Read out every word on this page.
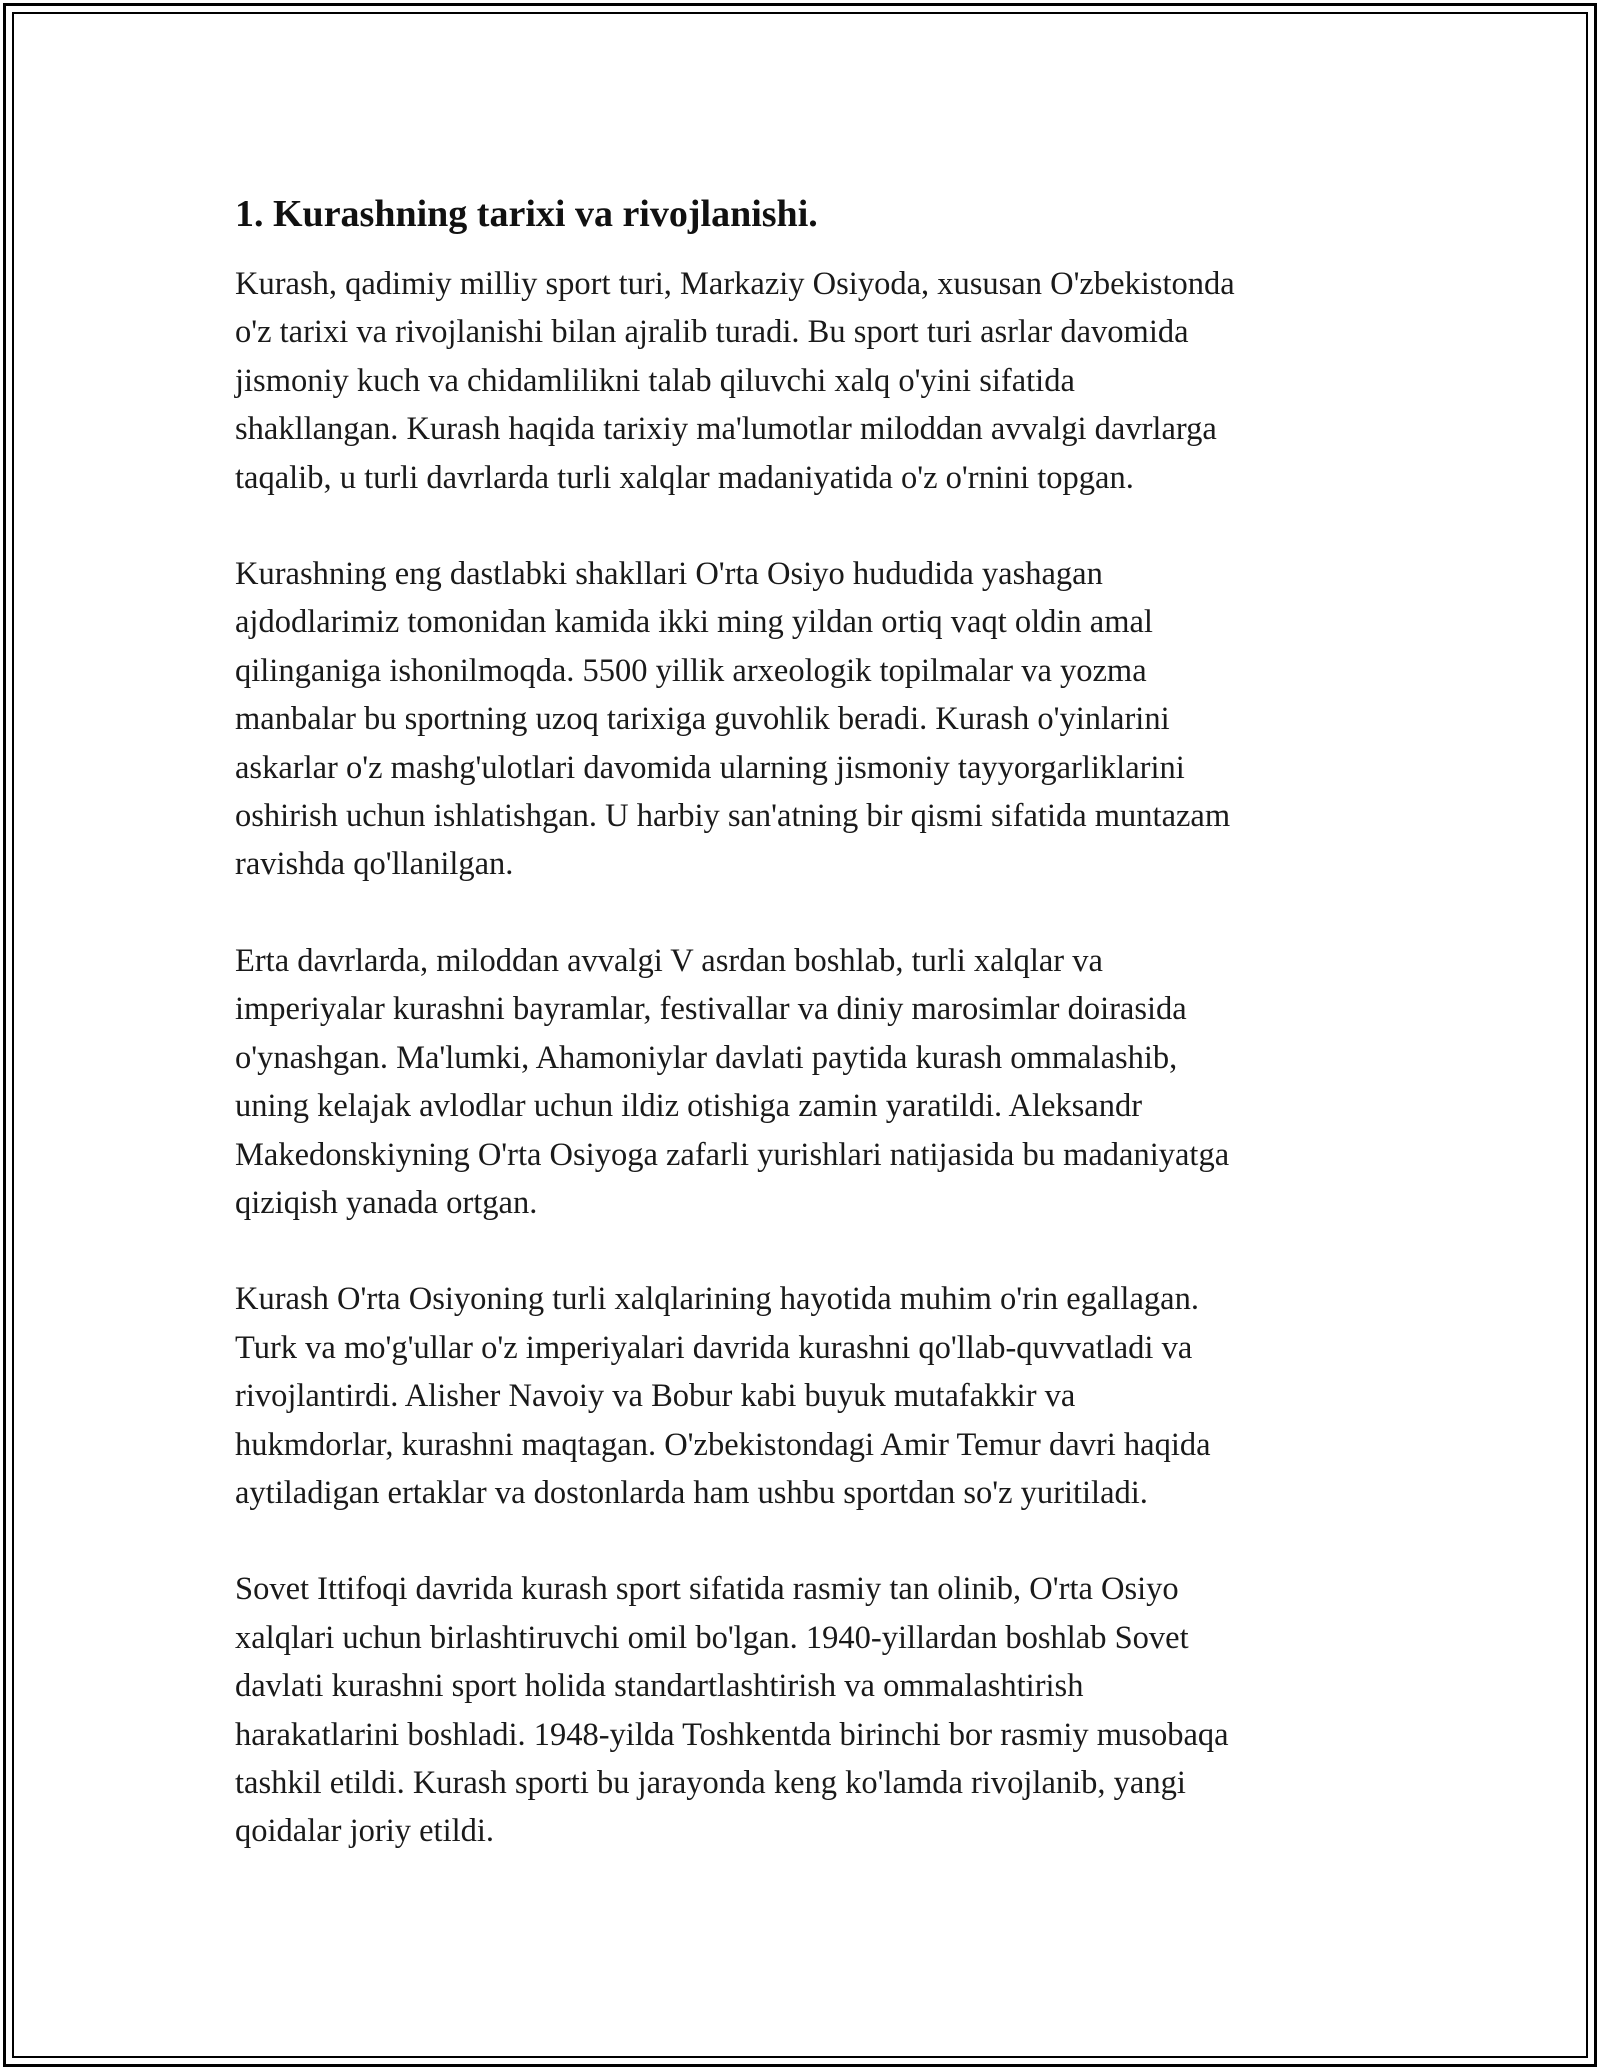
1. Kurashning tarixi va rivojlanishi.

Kurash, qadimiy milliy sport turi, Markaziy Osiyoda, xususan O'zbekistonda
o'z tarixi va rivojlanishi bilan ajralib turadi. Bu sport turi asrlar davomida
jismoniy kuch va chidamlilikni talab qiluvchi xalq o'yini sifatida
shakllangan. Kurash haqida tarixiy ma'lumotlar miloddan avvalgi davrlarga
taqalib, u turli davrlarda turli xalqlar madaniyatida o'z o'rnini topgan.

Kurashning eng dastlabki shakllari O'rta Osiyo hududida yashagan
ajdodlarimiz tomonidan kamida ikki ming yildan ortiq vaqt oldin amal
qilinganiga ishonilmoqda. 5500 yillik arxeologik topilmalar va yozma
manbalar bu sportning uzoq tarixiga guvohlik beradi. Kurash o'yinlarini
askarlar o'z mashg'ulotlari davomida ularning jismoniy tayyorgarliklarini
oshirish uchun ishlatishgan. U harbiy san'atning bir qismi sifatida muntazam
ravishda qo'llanilgan.

Erta davrlarda, miloddan avvalgi V asrdan boshlab, turli xalqlar va
imperiyalar kurashni bayramlar, festivallar va diniy marosimlar doirasida
o'ynashgan. Ma'lumki, Ahamoniylar davlati paytida kurash ommalashib,
uning kelajak avlodlar uchun ildiz otishiga zamin yaratildi. Aleksandr
Makedonskiyning O'rta Osiyoga zafarli yurishlari natijasida bu madaniyatga
qiziqish yanada ortgan.

Kurash O'rta Osiyoning turli xalqlarining hayotida muhim o'rin egallagan.
Turk va mo'g'ullar o'z imperiyalari davrida kurashni qo'llab-quvvatladi va
rivojlantirdi. Alisher Navoiy va Bobur kabi buyuk mutafakkir va
hukmdorlar, kurashni maqtagan. O'zbekistondagi Amir Temur davri haqida
aytiladigan ertaklar va dostonlarda ham ushbu sportdan so'z yuritiladi.

Sovet Ittifoqi davrida kurash sport sifatida rasmiy tan olinib, O'rta Osiyo
xalqlari uchun birlashtiruvchi omil bo'lgan. 1940-yillardan boshlab Sovet
davlati kurashni sport holida standartlashtirish va ommalashtirish
harakatlarini boshladi. 1948-yilda Toshkentda birinchi bor rasmiy musobaqa
tashkil etildi. Kurash sporti bu jarayonda keng ko'lamda rivojlanib, yangi
qoidalar joriy etildi.
